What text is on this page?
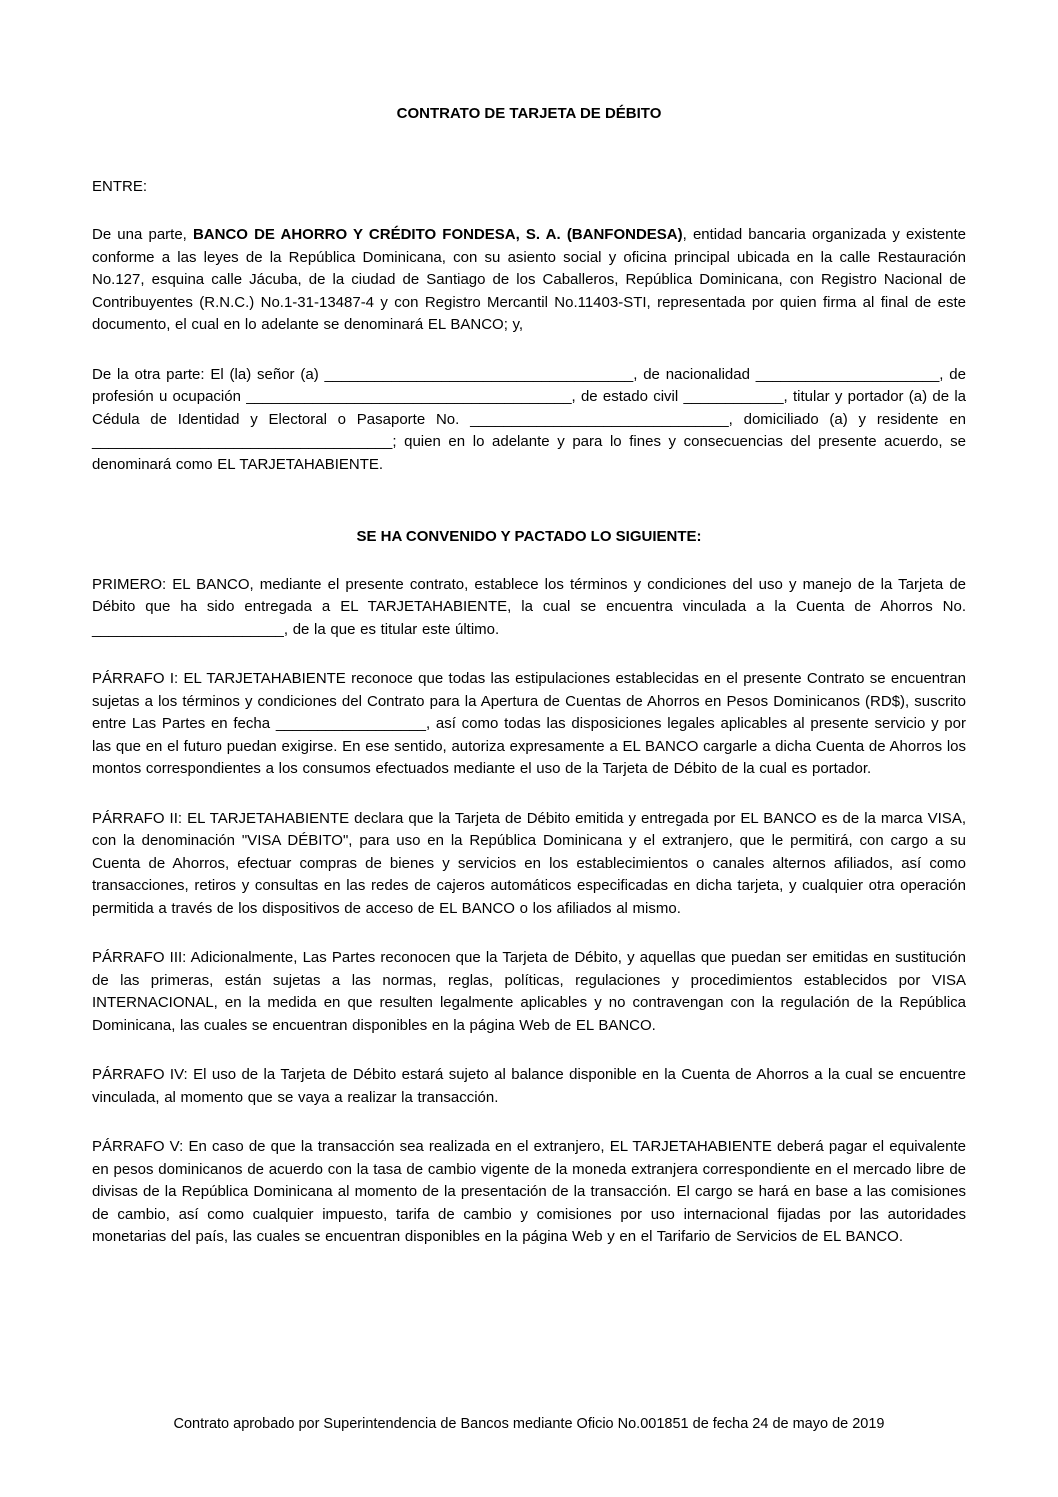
CONTRATO DE TARJETA DE DÉBITO

ENTRE:

De una parte, BANCO DE AHORRO Y CRÉDITO FONDESA, S. A. (BANFONDESA), entidad bancaria organizada y existente conforme a las leyes de la República Dominicana, con su asiento social y oficina principal ubicada en la calle Restauración No.127, esquina calle Jácuba, de la ciudad de Santiago de los Caballeros, República Dominicana, con Registro Nacional de Contribuyentes (R.N.C.) No.1-31-13487-4 y con Registro Mercantil No.11403-STI, representada por quien firma al final de este documento, el cual en lo adelante se denominará EL BANCO; y,

De la otra parte: El (la) señor (a) _____________________________________, de nacionalidad ______________________, de profesión u ocupación _______________________________________, de estado civil ____________, titular y portador (a) de la Cédula de Identidad y Electoral o Pasaporte No. _______________________________, domiciliado (a) y residente en ____________________________________; quien en lo adelante y para lo fines y consecuencias del presente acuerdo, se denominará como EL TARJETAHABIENTE.

SE HA CONVENIDO Y PACTADO LO SIGUIENTE:

PRIMERO: EL BANCO, mediante el presente contrato, establece los términos y condiciones del uso y manejo de la Tarjeta de Débito que ha sido entregada a EL TARJETAHABIENTE, la cual se encuentra vinculada a la Cuenta de Ahorros No. _______________________, de la que es titular este último.

PÁRRAFO I: EL TARJETAHABIENTE reconoce que todas las estipulaciones establecidas en el presente Contrato se encuentran sujetas a los términos y condiciones del Contrato para la Apertura de Cuentas de Ahorros en Pesos Dominicanos (RD$), suscrito entre Las Partes en fecha __________________, así como todas las disposiciones legales aplicables al presente servicio y por las que en el futuro puedan exigirse. En ese sentido, autoriza expresamente a EL BANCO cargarle a dicha Cuenta de Ahorros los montos correspondientes a los consumos efectuados mediante el uso de la Tarjeta de Débito de la cual es portador.

PÁRRAFO II: EL TARJETAHABIENTE declara que la Tarjeta de Débito emitida y entregada por EL BANCO es de la marca VISA, con la denominación "VISA DÉBITO", para uso en la República Dominicana y el extranjero, que le permitirá, con cargo a su Cuenta de Ahorros, efectuar compras de bienes y servicios en los establecimientos o canales alternos afiliados, así como transacciones, retiros y consultas en las redes de cajeros automáticos especificadas en dicha tarjeta, y cualquier otra operación permitida a través de los dispositivos de acceso de EL BANCO o los afiliados al mismo.

PÁRRAFO III: Adicionalmente, Las Partes reconocen que la Tarjeta de Débito, y aquellas que puedan ser emitidas en sustitución de las primeras, están sujetas a las normas, reglas, políticas, regulaciones y procedimientos establecidos por VISA INTERNACIONAL, en la medida en que resulten legalmente aplicables y no contravengan con la regulación de la República Dominicana, las cuales se encuentran disponibles en la página Web de EL BANCO.

PÁRRAFO IV: El uso de la Tarjeta de Débito estará sujeto al balance disponible en la Cuenta de Ahorros a la cual se encuentre vinculada, al momento que se vaya a realizar la transacción.

PÁRRAFO V: En caso de que la transacción sea realizada en el extranjero, EL TARJETAHABIENTE deberá pagar el equivalente en pesos dominicanos de acuerdo con la tasa de cambio vigente de la moneda extranjera correspondiente en el mercado libre de divisas de la República Dominicana al momento de la presentación de la transacción. El cargo se hará en base a las comisiones de cambio, así como cualquier impuesto, tarifa de cambio y comisiones por uso internacional fijadas por las autoridades monetarias del país, las cuales se encuentran disponibles en la página Web y en el Tarifario de Servicios de EL BANCO.

Contrato aprobado por Superintendencia de Bancos mediante Oficio No.001851 de fecha 24 de mayo de 2019
